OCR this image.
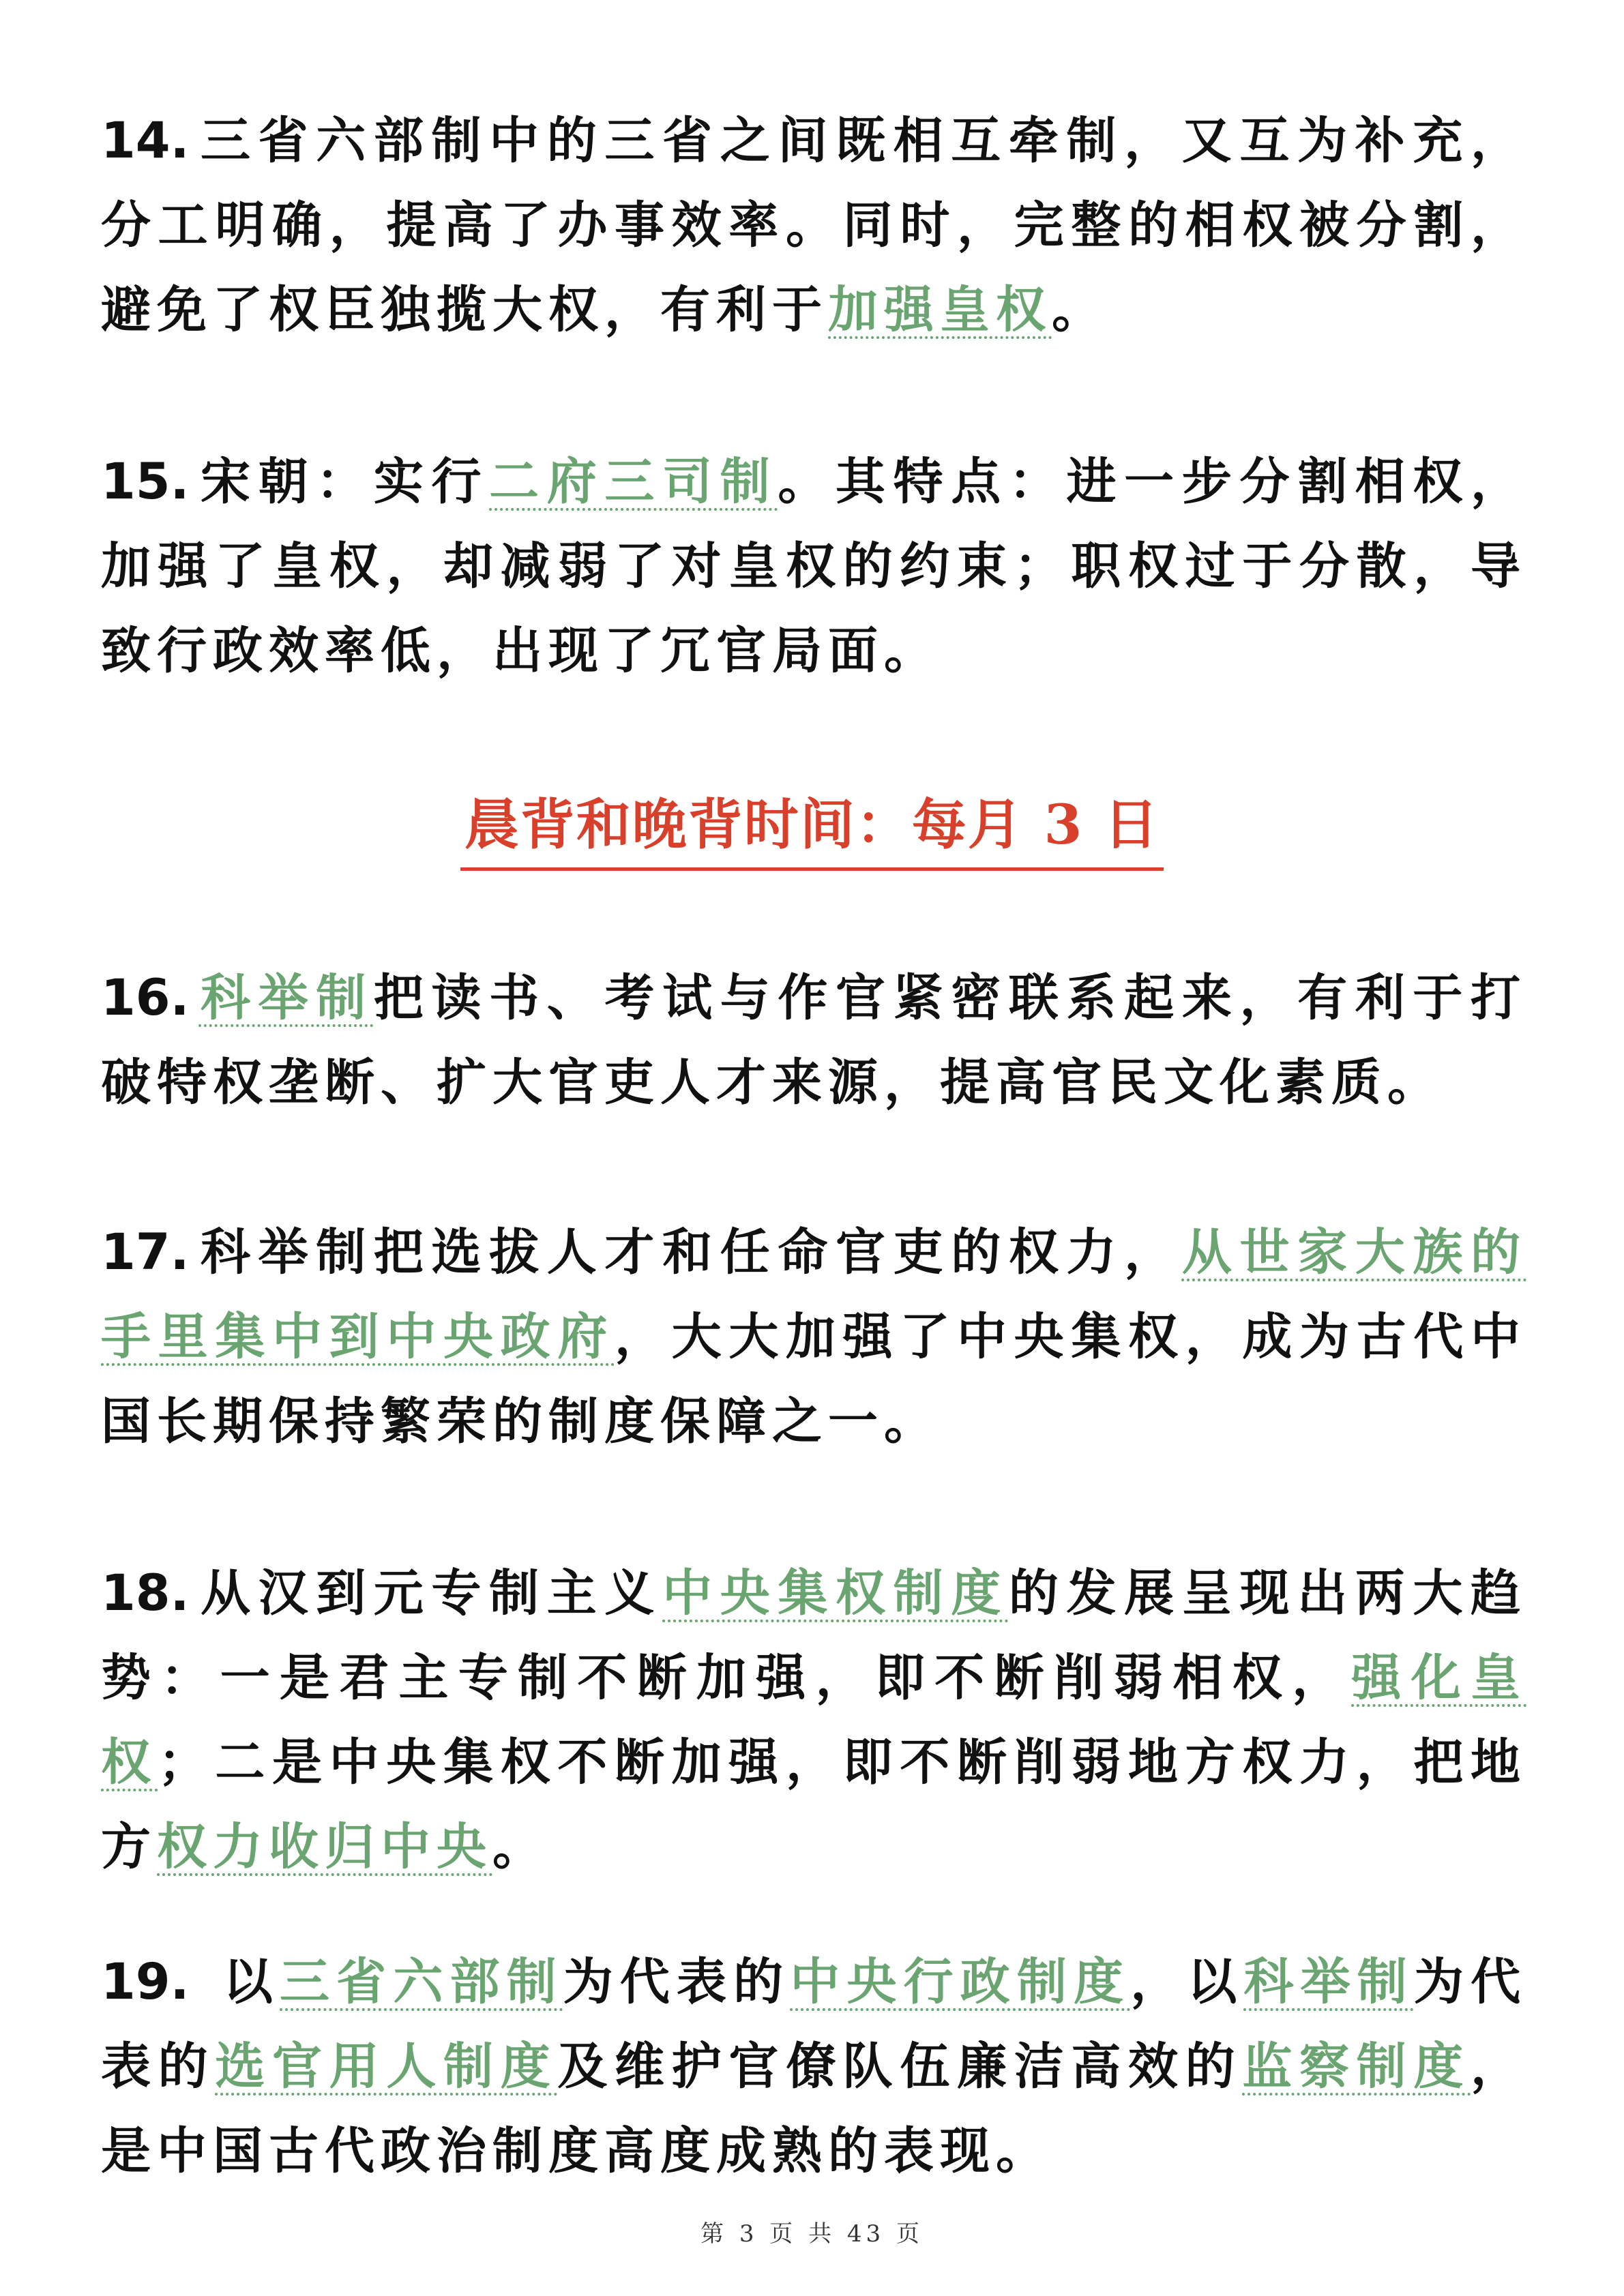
14. 三省六部制中的三省之间既相互牵制，又互为补充，分工明确，提高了办事效率。同时，完整的相权被分割，避免了权臣独揽大权，有利于加强皇权。
15. 宋朝：实行二府三司制。其特点：进一步分割相权，加强了皇权，却减弱了对皇权的约束；职权过于分散，导致行政效率低，出现了冗官局面。
晨背和晚背时间：每月 3 日
16. 科举制把读书、考试与作官紧密联系起来，有利于打破特权垄断、扩大官吏人才来源，提高官民文化素质。
17. 科举制把选拔人才和任命官吏的权力，从世家大族的手里集中到中央政府，大大加强了中央集权，成为古代中国长期保持繁荣的制度保障之一。
18. 从汉到元专制主义中央集权制度的发展呈现出两大趋势：一是君主专制不断加强，即不断削弱相权，强化皇权；二是中央集权不断加强，即不断削弱地方权力，把地方权力收归中央。
19. 以三省六部制为代表的中央行政制度，以科举制为代表的选官用人制度及维护官僚队伍廉洁高效的监察制度，是中国古代政治制度高度成熟的表现。
第 3 页 共 43 页
